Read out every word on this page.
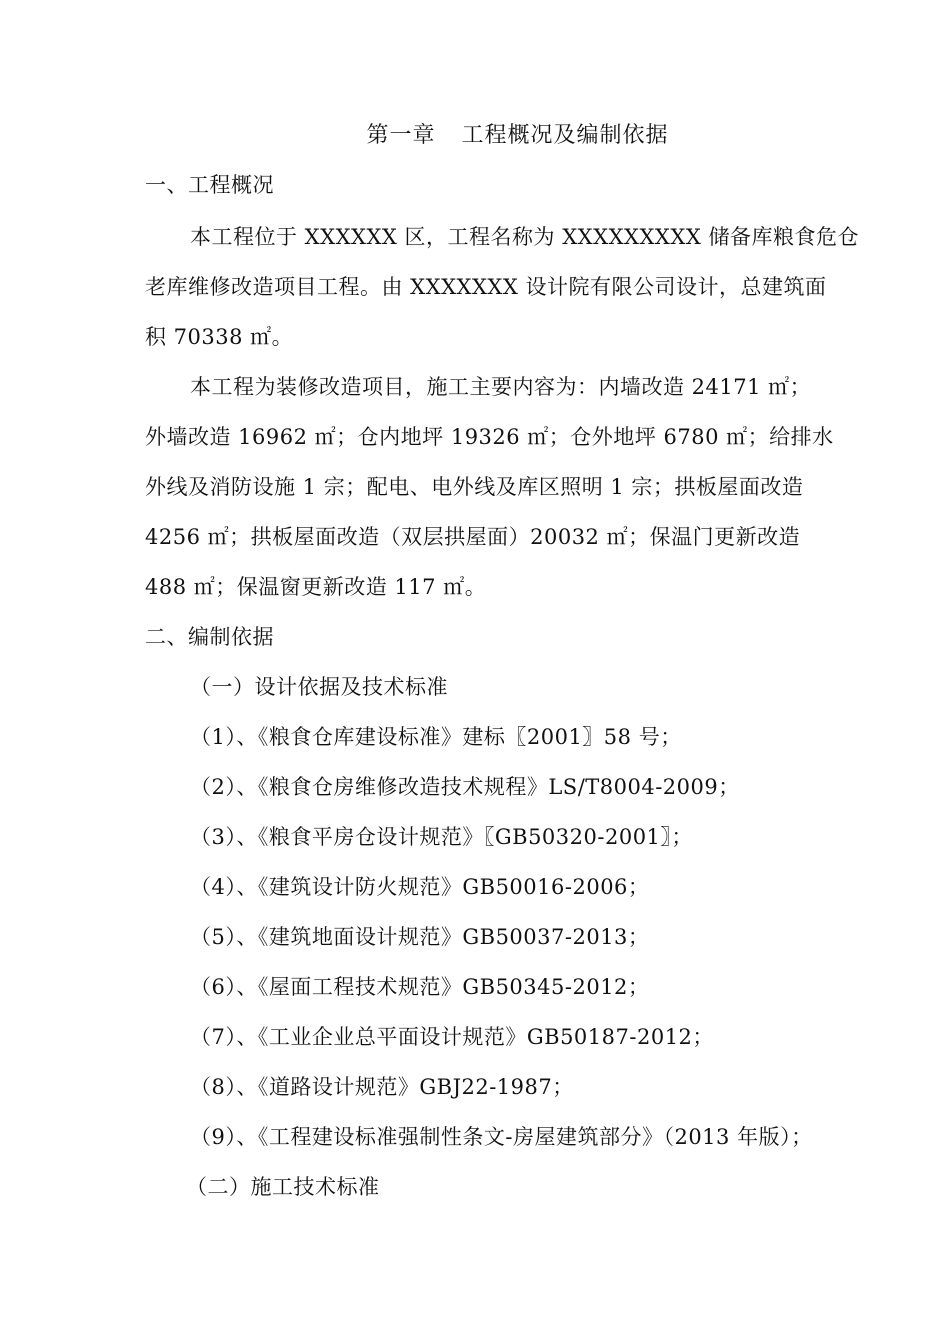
第一章 工程概况及编制依据
一、工程概况
本工程位于 XXXXXX 区，工程名称为 XXXXXXXXX 储备库粮食危仓
老库维修改造项目工程。由 XXXXXXX 设计院有限公司设计，总建筑面
积 70338 ㎡。
本工程为装修改造项目，施工主要内容为：内墙改造 24171 ㎡；
外墙改造 16962 ㎡；仓内地坪 19326 ㎡；仓外地坪 6780 ㎡；给排水
外线及消防设施 1 宗；配电、电外线及库区照明 1 宗；拱板屋面改造
4256 ㎡；拱板屋面改造（双层拱屋面）20032 ㎡；保温门更新改造
488 ㎡；保温窗更新改造 117 ㎡。
二、编制依据
（一）设计依据及技术标准
（1）、《粮食仓库建设标准》建标〖2001〗58 号；
（2）、《粮食仓房维修改造技术规程》LS/T8004-2009；
（3）、《粮食平房仓设计规范》〖GB50320-2001〗；
（4）、《建筑设计防火规范》GB50016-2006；
（5）、《建筑地面设计规范》GB50037-2013；
（6）、《屋面工程技术规范》GB50345-2012；
（7）、《工业企业总平面设计规范》GB50187-2012；
（8）、《道路设计规范》GBJ22-1987；
（9）、《工程建设标准强制性条文-房屋建筑部分》（2013 年版）；
（二）施工技术标准
